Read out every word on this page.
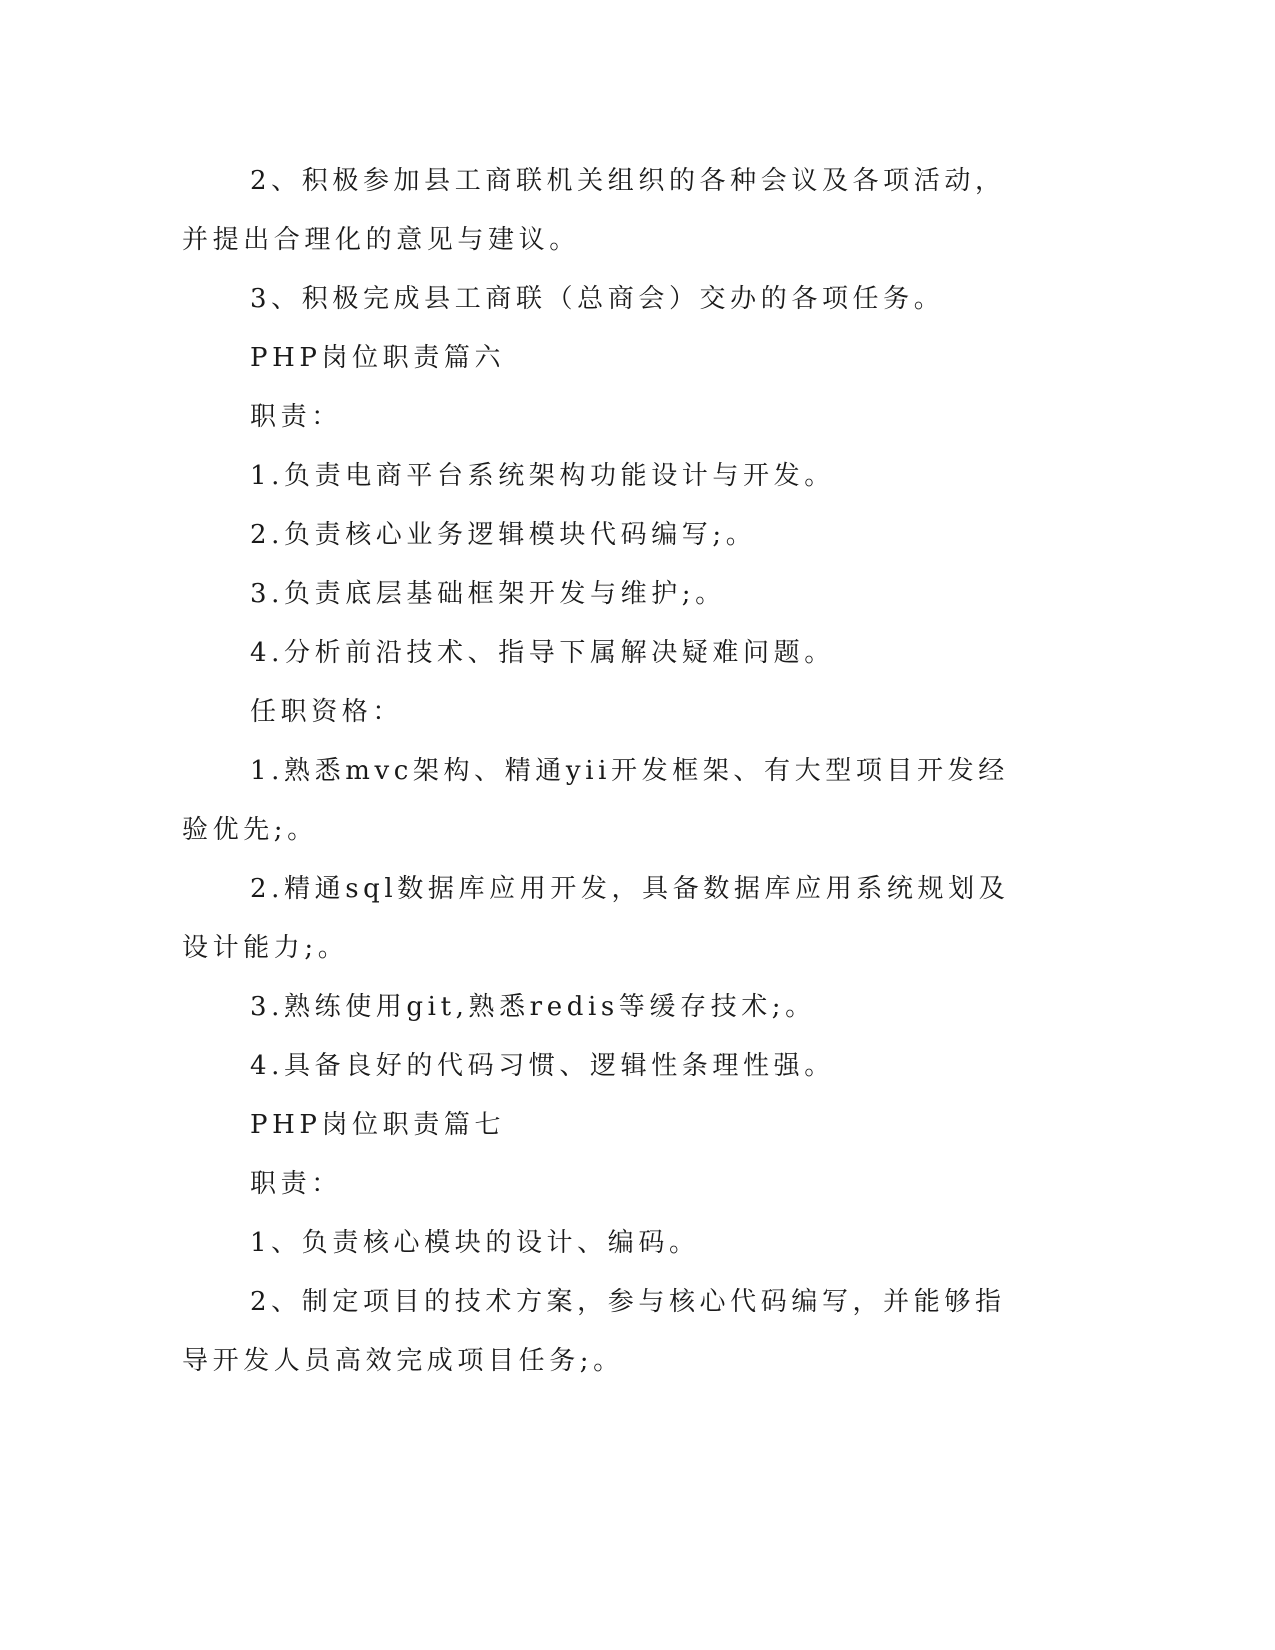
2、积极参加县工商联机关组织的各种会议及各项活动，并提出合理化的意见与建议。

3、积极完成县工商联（总商会）交办的各项任务。

PHP岗位职责篇六

职责：

1.负责电商平台系统架构功能设计与开发。

2.负责核心业务逻辑模块代码编写;。

3.负责底层基础框架开发与维护;。

4.分析前沿技术、指导下属解决疑难问题。

任职资格：

1.熟悉mvc架构、精通yii开发框架、有大型项目开发经验优先;。

2.精通sql数据库应用开发，具备数据库应用系统规划及设计能力;。

3.熟练使用git,熟悉redis等缓存技术;。

4.具备良好的代码习惯、逻辑性条理性强。

PHP岗位职责篇七

职责：

1、负责核心模块的设计、编码。

2、制定项目的技术方案，参与核心代码编写，并能够指导开发人员高效完成项目任务;。
